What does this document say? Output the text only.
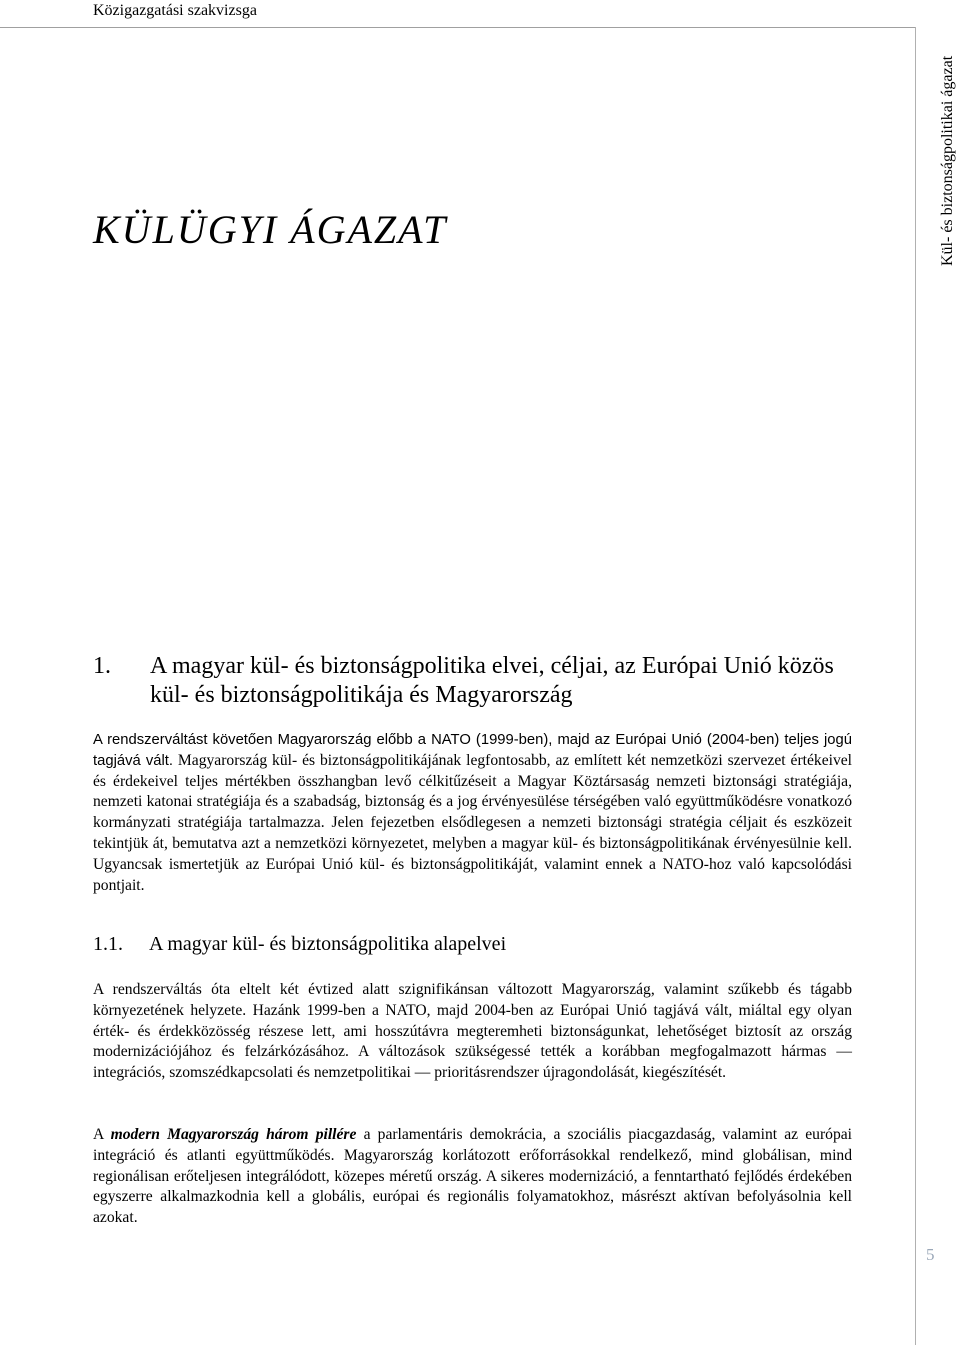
Közigazgatási szakvizsga
Kül- és biztonságpolitikai ágazat
5
KÜLÜGYI ÁGAZAT
1.	A magyar kül- és biztonságpolitika elvei, céljai, az Európai Unió közös kül- és biztonságpolitikája és Magyarország

A rendszerváltást követően Magyarország előbb a NATO (1999-ben), majd az Európai Unió (2004-ben) teljes jogú tagjává vált. Magyarország kül- és biztonságpolitikájának legfontosabb, az említett két nemzetközi szervezet értékeivel és érdekeivel teljes mértékben összhangban levő célkitűzéseit a Magyar Köztársaság nemzeti biztonsági stratégiája, nemzeti katonai stratégiája és a szabadság, biztonság és a jog érvényesülése térségében való együttműködésre vonatkozó kormányzati stratégiája tartalmazza. Jelen fejezetben elsődlegesen a nemzeti biztonsági stratégia céljait és eszközeit tekintjük át, bemutatva azt a nemzetközi környezetet, melyben a magyar kül- és biztonságpolitikának érvényesülnie kell. Ugyancsak ismertetjük az Európai Unió kül- és biztonságpolitikáját, valamint ennek a NATO-hoz való kapcsolódási pontjait.

1.1. A magyar kül- és biztonságpolitika alapelvei

A rendszerváltás óta eltelt két évtized alatt szignifikánsan változott Magyarország, valamint szűkebb és tágabb környezetének helyzete. Hazánk 1999-ben a NATO, majd 2004-ben az Európai Unió tagjává vált, miáltal egy olyan érték- és érdekközösség részese lett, ami hosszútávra megteremheti biztonságunkat, lehetőséget biztosít az ország modernizációjához és felzárkózásához. A változások szükségessé tették a korábban megfogalmazott hármas — integrációs, szomszédkapcsolati és nemzetpolitikai — prioritásrendszer újragondolását, kiegészítését.

A modern Magyarország három pillére a parlamentáris demokrácia, a szociális piacgazdaság, valamint az európai integráció és atlanti együttműködés. Magyarország korlátozott erőforrásokkal rendelkező, mind globálisan, mind regionálisan erőteljesen integrálódott, közepes méretű ország. A sikeres modernizáció, a fenntartható fejlődés érdekében egyszerre alkalmazkodnia kell a globális, európai és regionális folyamatokhoz, másrészt aktívan befolyásolnia kell azokat.
